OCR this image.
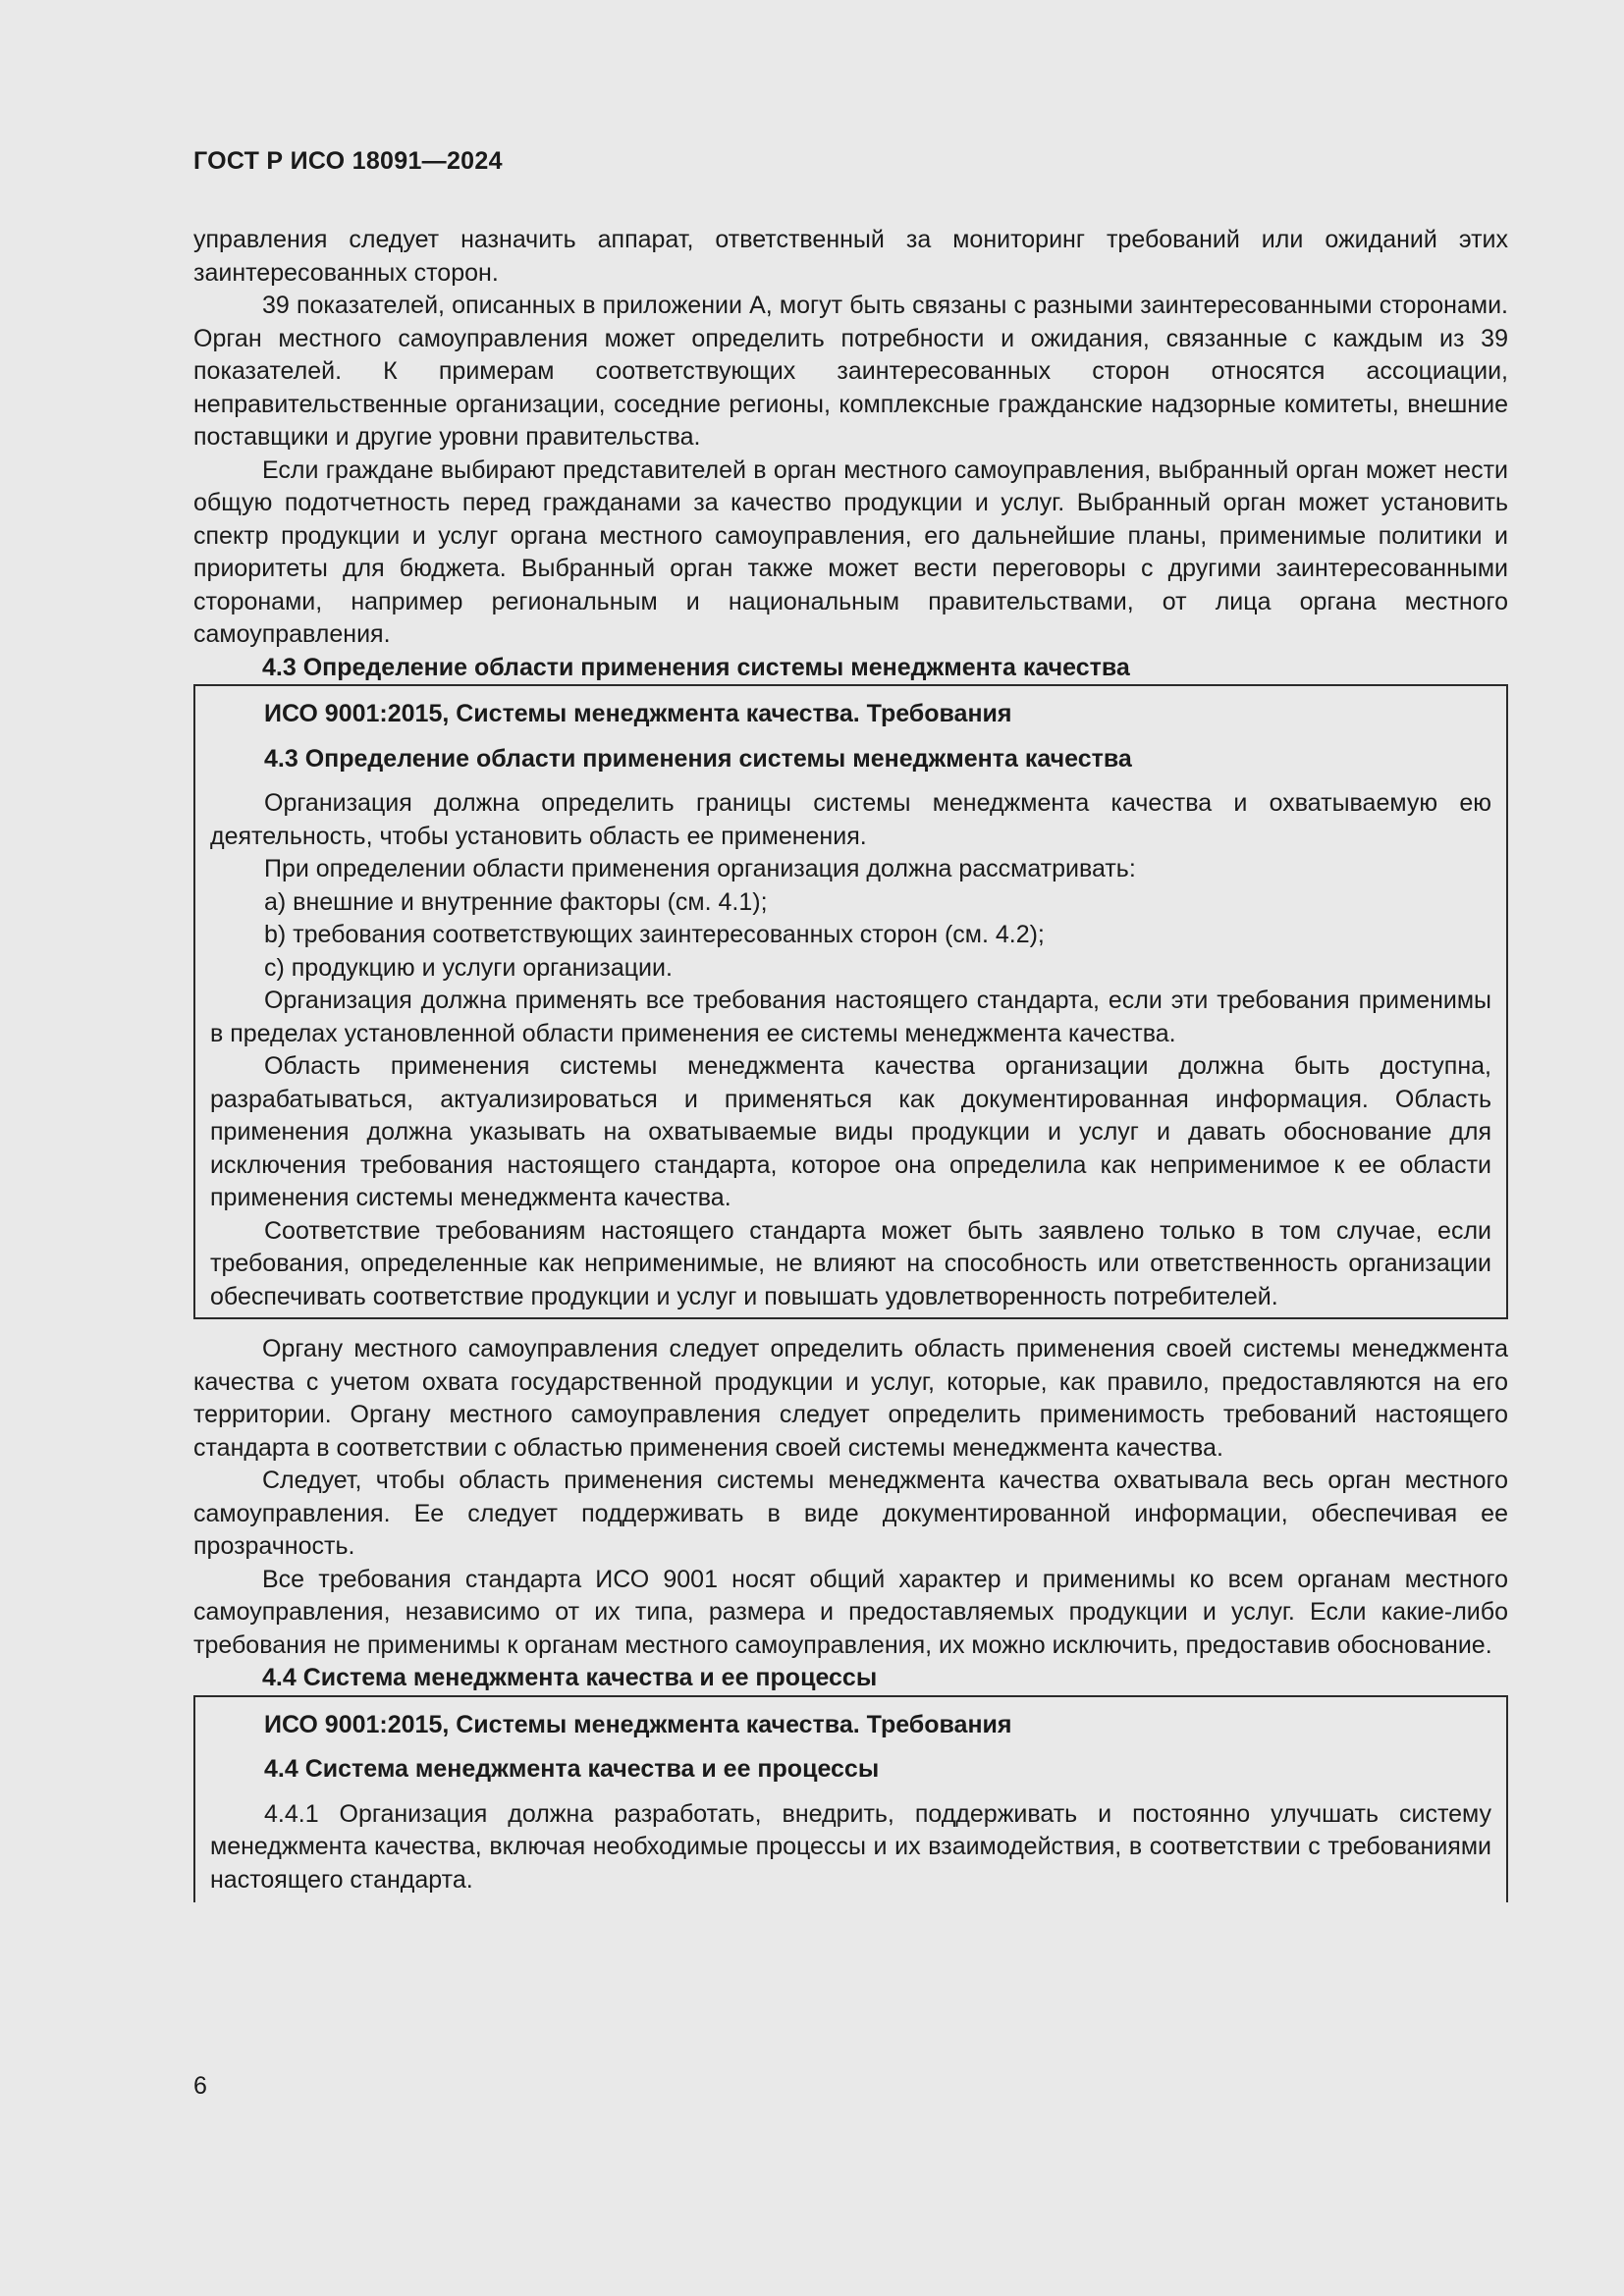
ГОСТ Р ИСО 18091—2024

управления следует назначить аппарат, ответственный за мониторинг требований или ожиданий этих заинтересованных сторон.

39 показателей, описанных в приложении А, могут быть связаны с разными заинтересованными сторонами. Орган местного самоуправления может определить потребности и ожидания, связанные с каждым из 39 показателей. К примерам соответствующих заинтересованных сторон относятся ассоциации, неправительственные организации, соседние регионы, комплексные гражданские надзорные комитеты, внешние поставщики и другие уровни правительства.

Если граждане выбирают представителей в орган местного самоуправления, выбранный орган может нести общую подотчетность перед гражданами за качество продукции и услуг. Выбранный орган может установить спектр продукции и услуг органа местного самоуправления, его дальнейшие планы, применимые политики и приоритеты для бюджета. Выбранный орган также может вести переговоры с другими заинтересованными сторонами, например региональным и национальным правительствами, от лица органа местного самоуправления.

4.3 Определение области применения системы менеджмента качества

ИСО 9001:2015, Системы менеджмента качества. Требования

4.3 Определение области применения системы менеджмента качества

Организация должна определить границы системы менеджмента качества и охватываемую ею деятельность, чтобы установить область ее применения.

При определении области применения организация должна рассматривать:

а) внешние и внутренние факторы (см. 4.1);

b) требования соответствующих заинтересованных сторон (см. 4.2);

с) продукцию и услуги организации.

Организация должна применять все требования настоящего стандарта, если эти требования применимы в пределах установленной области применения ее системы менеджмента качества.

Область применения системы менеджмента качества организации должна быть доступна, разрабатываться, актуализироваться и применяться как документированная информация. Область применения должна указывать на охватываемые виды продукции и услуг и давать обоснование для исключения требования настоящего стандарта, которое она определила как неприменимое к ее области применения системы менеджмента качества.

Соответствие требованиям настоящего стандарта может быть заявлено только в том случае, если требования, определенные как неприменимые, не влияют на способность или ответственность организации обеспечивать соответствие продукции и услуг и повышать удовлетворенность потребителей.

Органу местного самоуправления следует определить область применения своей системы менеджмента качества с учетом охвата государственной продукции и услуг, которые, как правило, предоставляются на его территории. Органу местного самоуправления следует определить применимость требований настоящего стандарта в соответствии с областью применения своей системы менеджмента качества.

Следует, чтобы область применения системы менеджмента качества охватывала весь орган местного самоуправления. Ее следует поддерживать в виде документированной информации, обеспечивая ее прозрачность.

Все требования стандарта ИСО 9001 носят общий характер и применимы ко всем органам местного самоуправления, независимо от их типа, размера и предоставляемых продукции и услуг. Если какие-либо требования не применимы к органам местного самоуправления, их можно исключить, предоставив обоснование.

4.4 Система менеджмента качества и ее процессы

ИСО 9001:2015, Системы менеджмента качества. Требования

4.4 Система менеджмента качества и ее процессы

4.4.1 Организация должна разработать, внедрить, поддерживать и постоянно улучшать систему менеджмента качества, включая необходимые процессы и их взаимодействия, в соответствии с требованиями настоящего стандарта.

6
